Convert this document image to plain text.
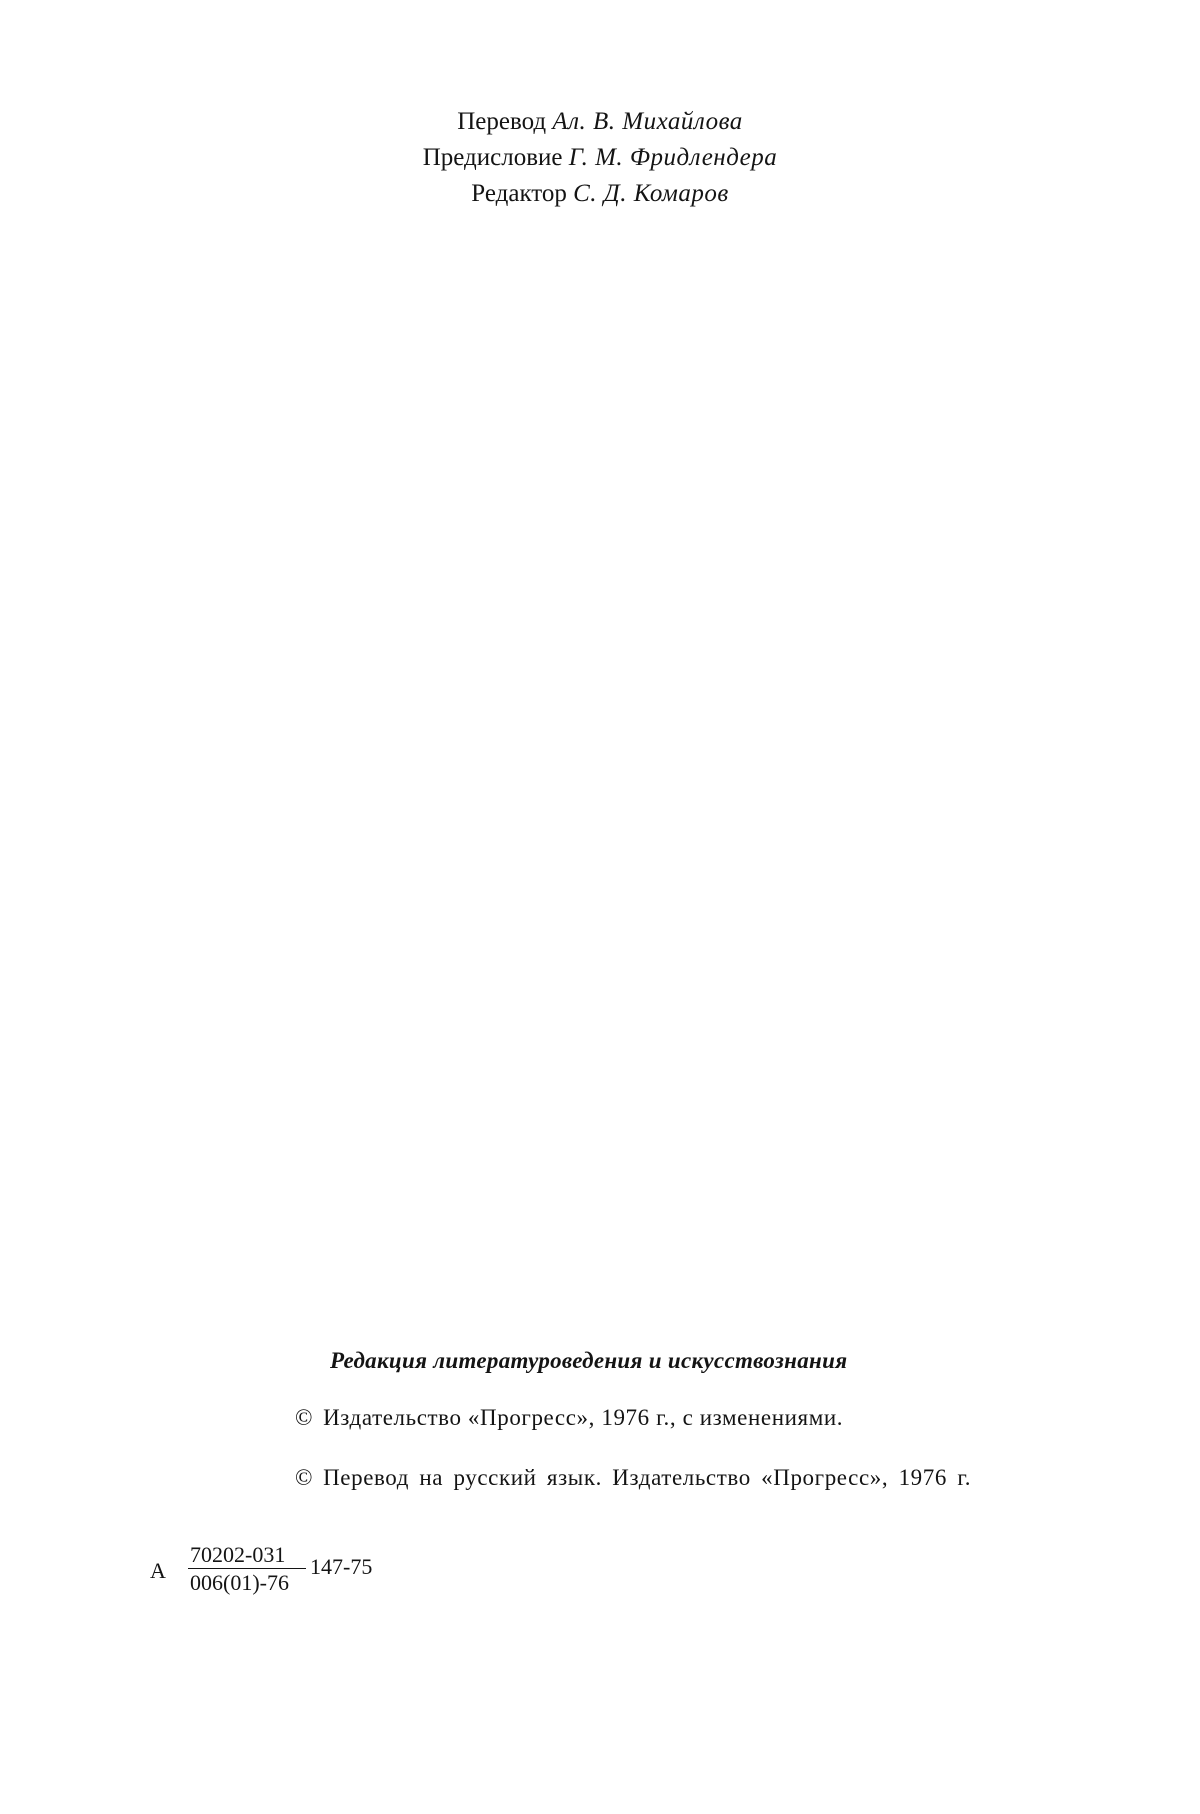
Перевод Ал. В. Михайлова
Предисловие Г. М. Фридлендера
Редактор С. Д. Комаров
Редакция литературоведения и искусствознания
© Издательство «Прогресс», 1976 г., с изменениями.
© Перевод на русский язык. Издательство «Прогресс», 1976 г.
А $\frac{70202-031}{006(01)-76} 147-75$
